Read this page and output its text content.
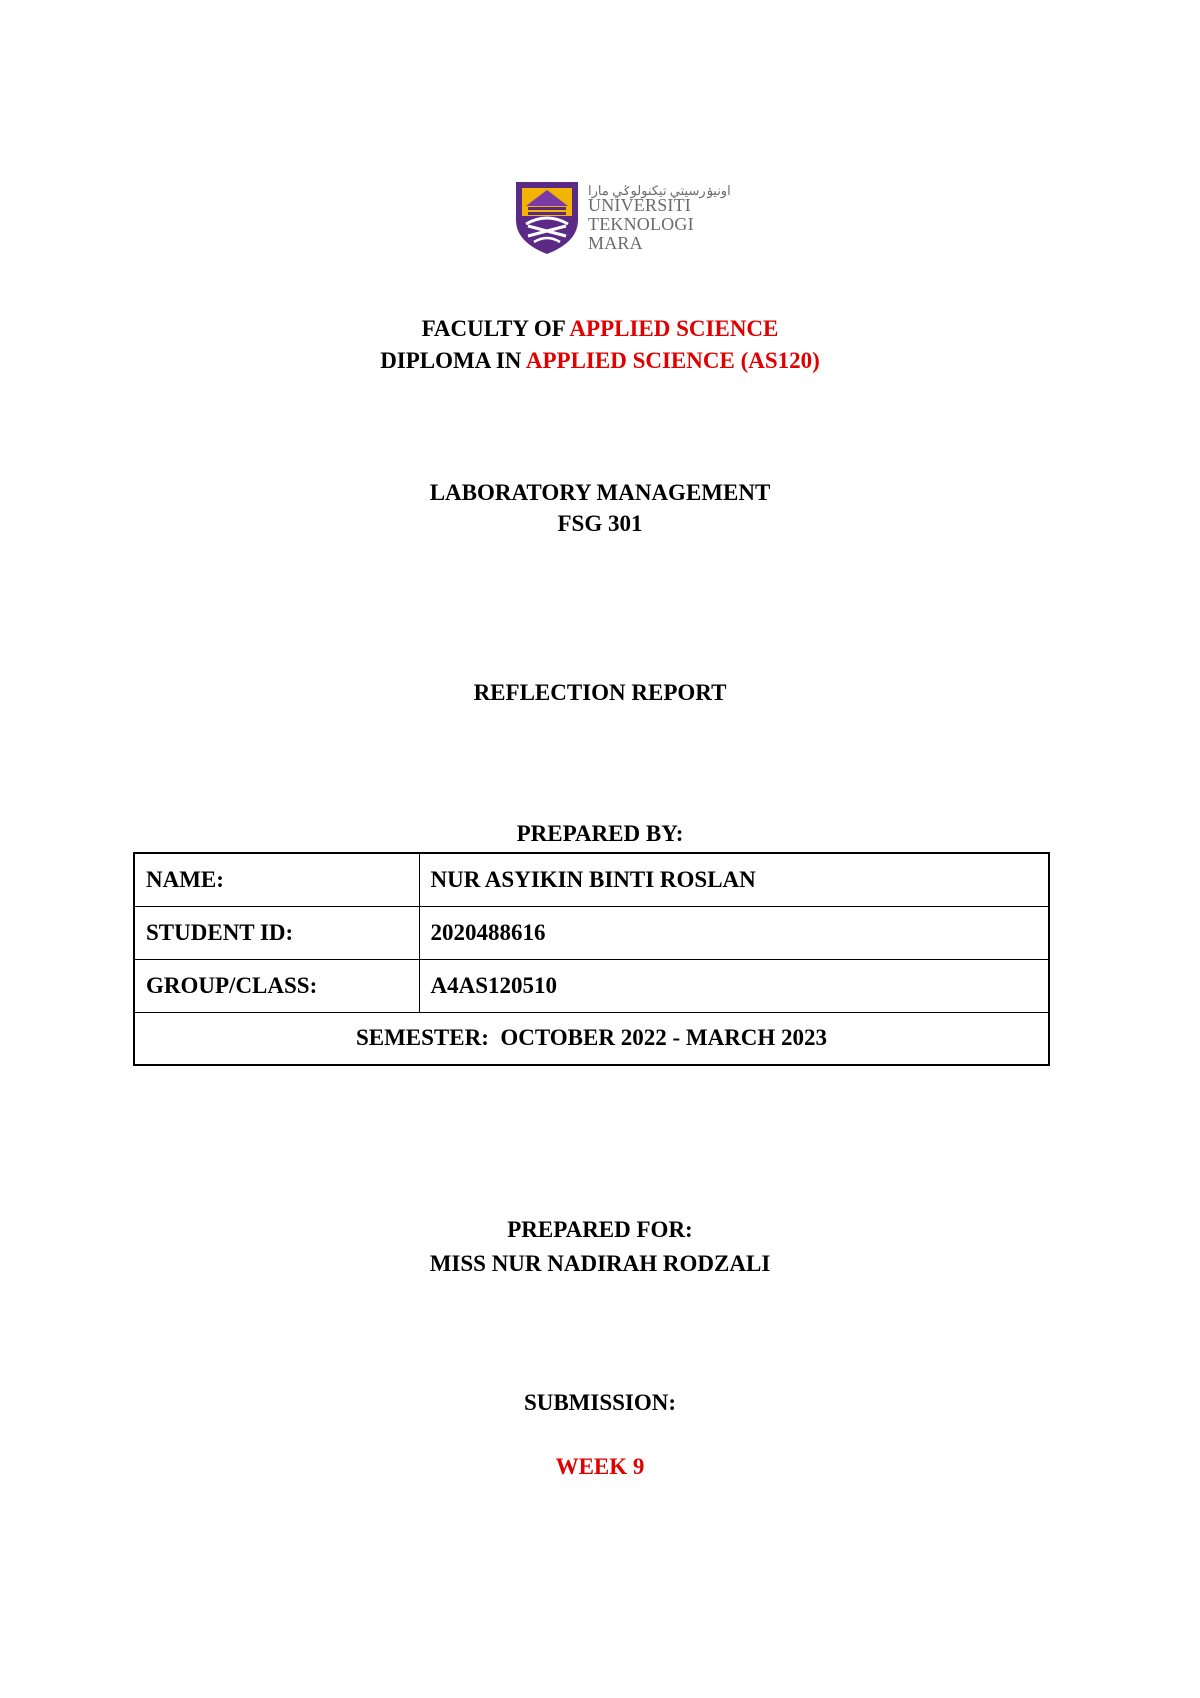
اونيۏرسيتي تيکنولوݢي مارا
UNIVERSITI
TEKNOLOGI
MARA
FACULTY OF APPLIED SCIENCE
DIPLOMA IN APPLIED SCIENCE (AS120)
LABORATORY MANAGEMENT
FSG 301
REFLECTION REPORT
PREPARED BY:
NAME:	NUR ASYIKIN BINTI ROSLAN
STUDENT ID:	2020488616
GROUP/CLASS:	A4AS120510
SEMESTER:  OCTOBER 2022 - MARCH 2023	
PREPARED FOR:
MISS NUR NADIRAH RODZALI
SUBMISSION:
WEEK 9
